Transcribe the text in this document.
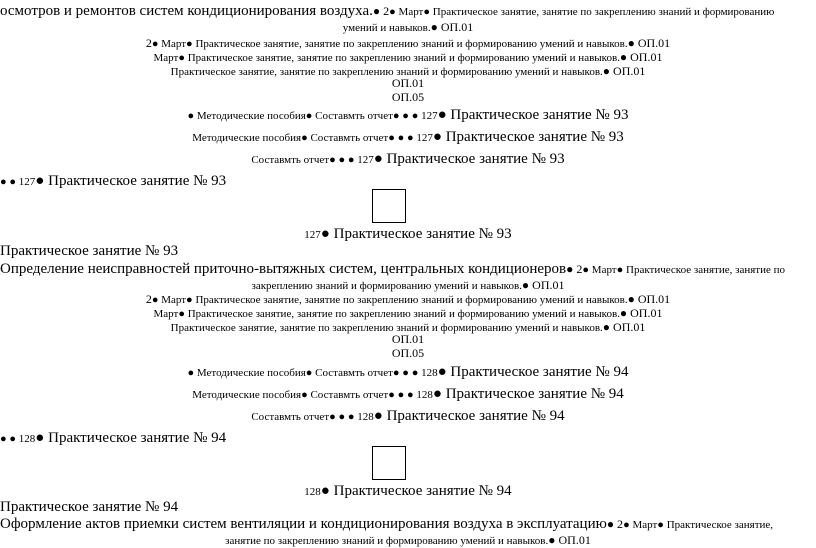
осмотров и ремонтов систем кондиционирования воздуха.● 2● Март● Практическое занятие, занятие по закреплению знаний и формированию
умений и навыков.● ОП.01
2● Март● Практическое занятие, занятие по закреплению знаний и формированию умений и навыков.● ОП.01
Март● Практическое занятие, занятие по закреплению знаний и формированию умений и навыков.● ОП.01
Практическое занятие, занятие по закреплению знаний и формированию умений и навыков.● ОП.01
ОП.01
ОП.05
● Методические пособия● Составмть отчет● ● ● 127● Практическое занятие № 93
Методические пособия● Составмть отчет● ● ● 127● Практическое занятие № 93
Составмть отчет● ● ● 127● Практическое занятие № 93
● ● 127● Практическое занятие № 93
127● Практическое занятие № 93
Практическое занятие № 93
Определение неисправностей приточно-вытяжных систем, центральных кондиционеров● 2● Март● Практическое занятие, занятие по
закреплению знаний и формированию умений и навыков.● ОП.01
2● Март● Практическое занятие, занятие по закреплению знаний и формированию умений и навыков.● ОП.01
Март● Практическое занятие, занятие по закреплению знаний и формированию умений и навыков.● ОП.01
Практическое занятие, занятие по закреплению знаний и формированию умений и навыков.● ОП.01
ОП.01
ОП.05
● Методические пособия● Составмть отчет● ● ● 128● Практическое занятие № 94
Методические пособия● Составмть отчет● ● ● 128● Практическое занятие № 94
Составмть отчет● ● ● 128● Практическое занятие № 94
● ● 128● Практическое занятие № 94
128● Практическое занятие № 94
Практическое занятие № 94
Оформление актов приемки систем вентиляции и кондиционирования воздуха в эксплуатацию● 2● Март● Практическое занятие,
занятие по закреплению знаний и формированию умений и навыков.● ОП.01
